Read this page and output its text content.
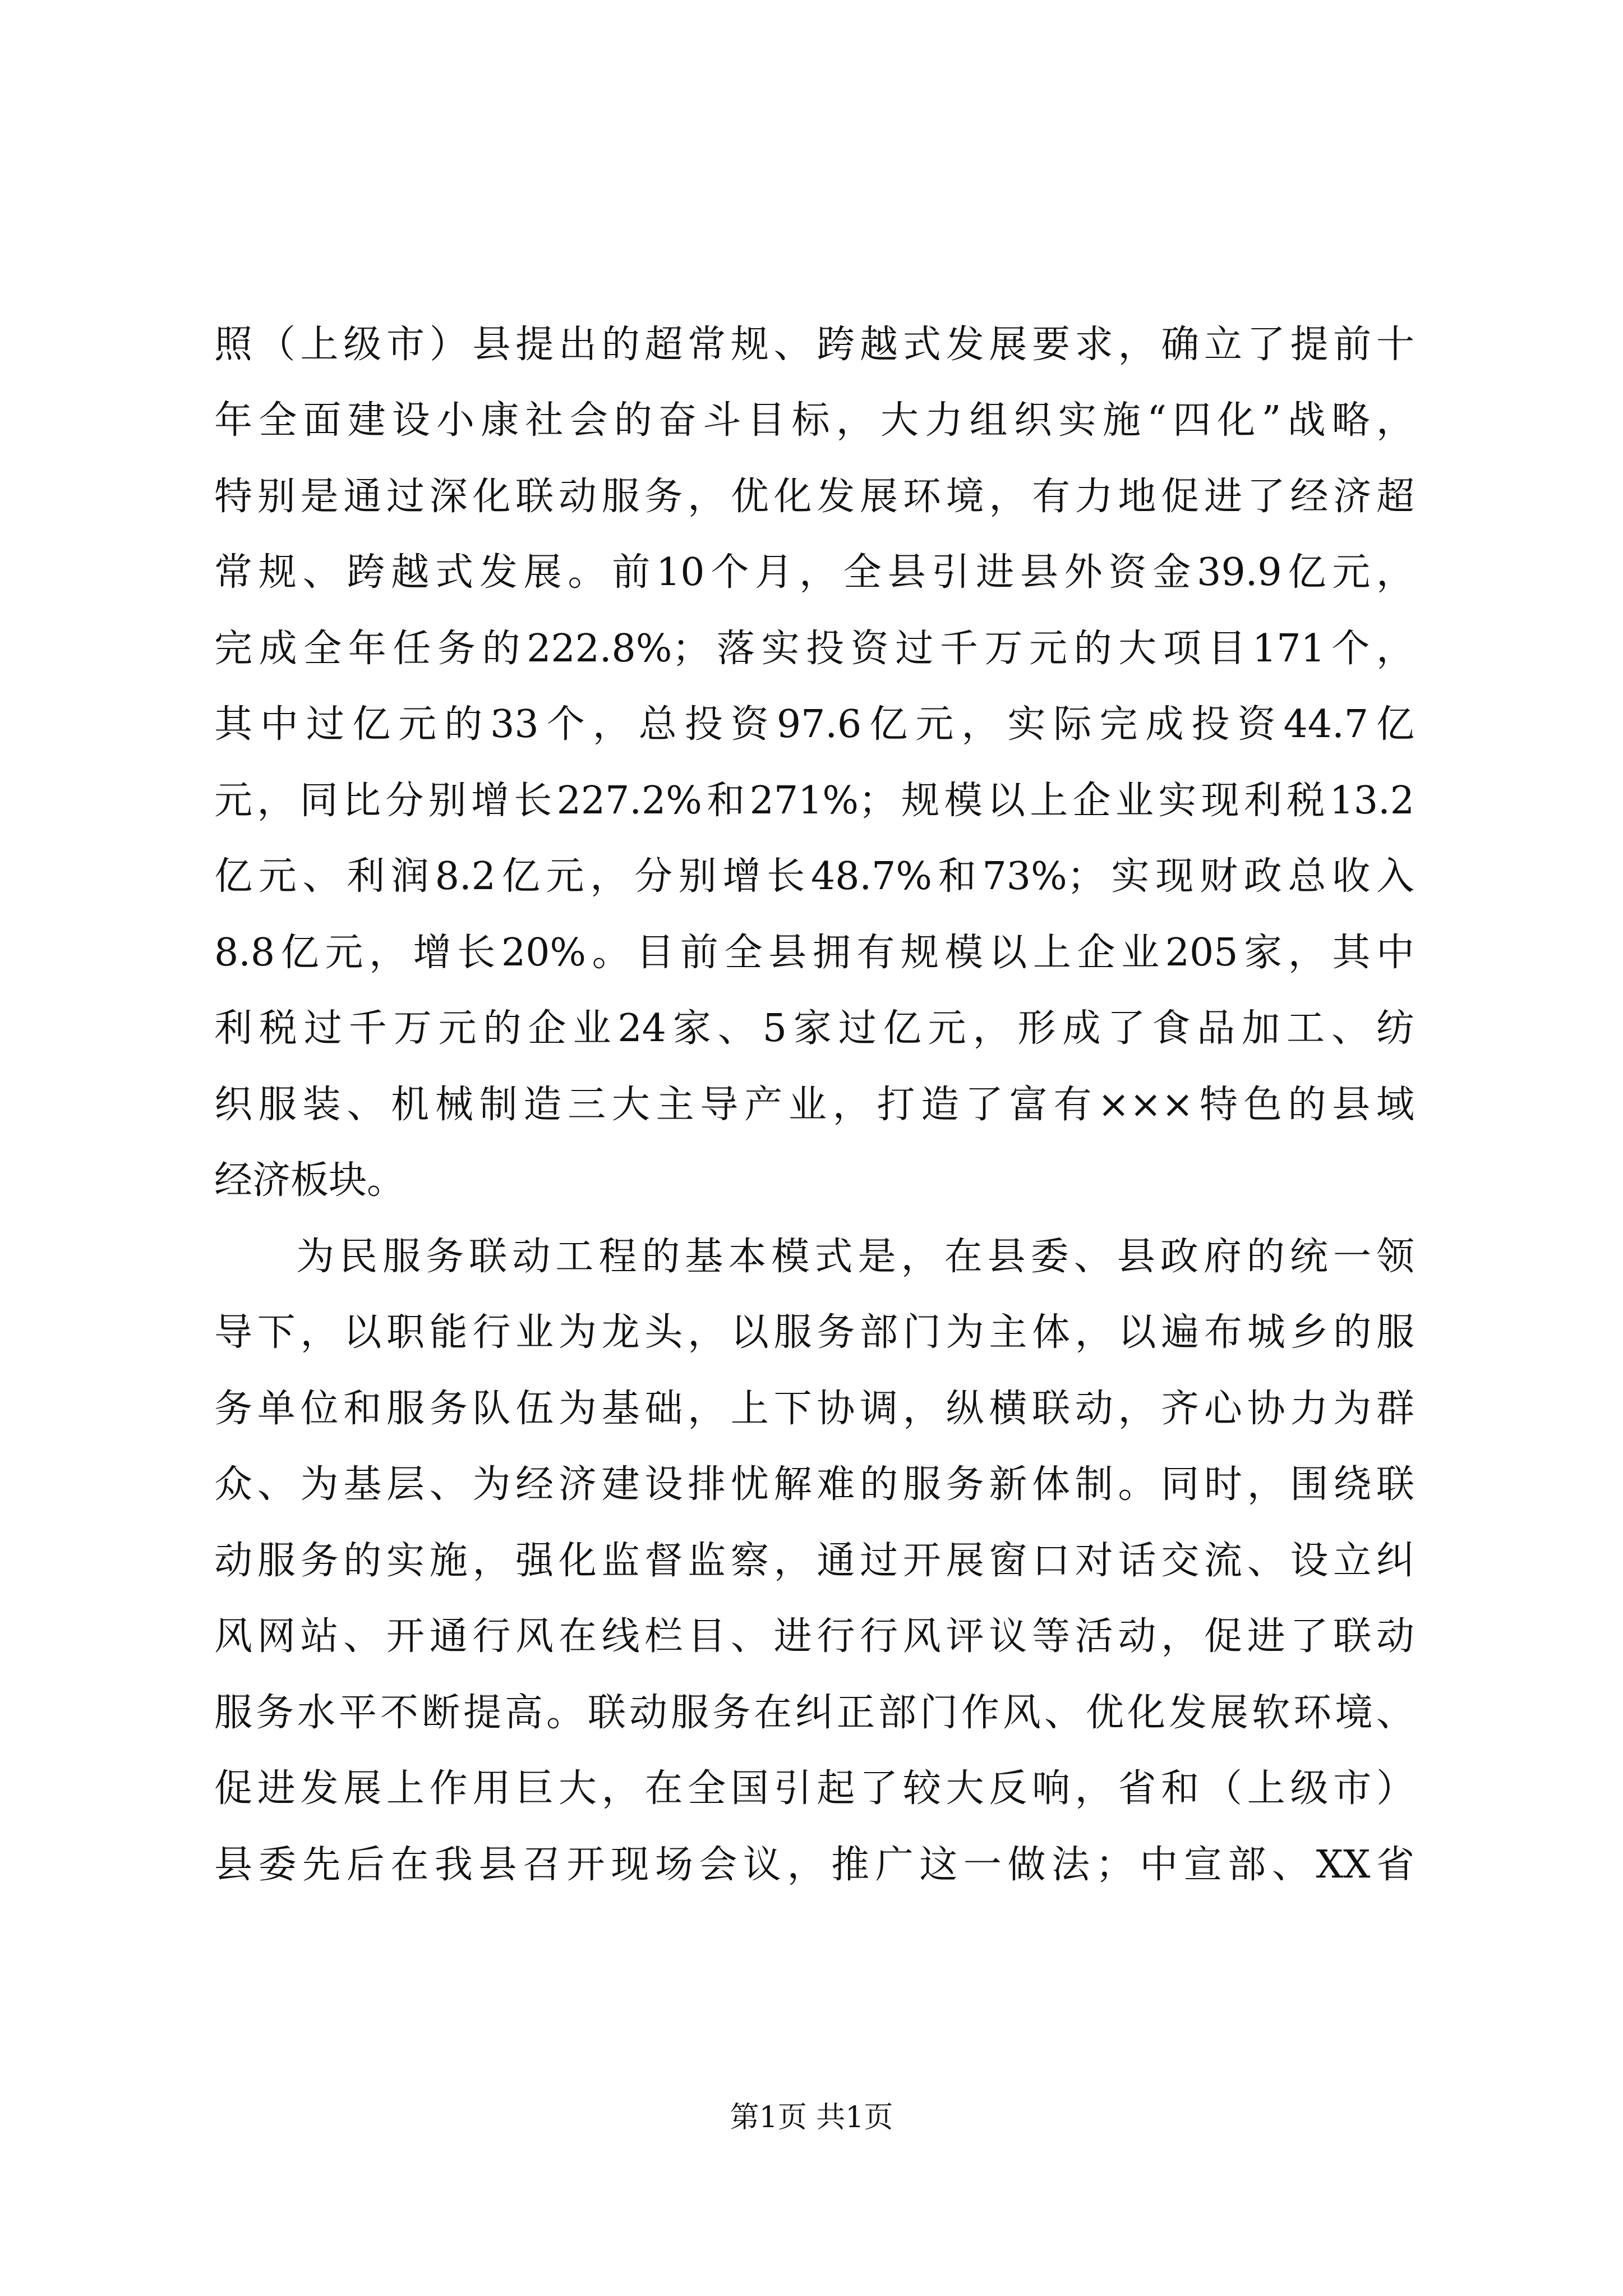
照（上级市）县提出的超常规、跨越式发展要求，确立了提前十
年全面建设小康社会的奋斗目标，大力组织实施“四化”战略，
特别是通过深化联动服务，优化发展环境，有力地促进了经济超
常规、跨越式发展。前10个月，全县引进县外资金39.9亿元，
完成全年任务的222.8%；落实投资过千万元的大项目171个，
其中过亿元的33个，总投资97.6亿元，实际完成投资44.7亿
元，同比分别增长227.2%和271%；规模以上企业实现利税13.2
亿元、利润8.2亿元，分别增长48.7%和73%；实现财政总收入
8.8亿元，增长20%。目前全县拥有规模以上企业205家，其中
利税过千万元的企业24家、5家过亿元，形成了食品加工、纺
织服装、机械制造三大主导产业，打造了富有×××特色的县域
经济板块。
为民服务联动工程的基本模式是，在县委、县政府的统一领
导下，以职能行业为龙头，以服务部门为主体，以遍布城乡的服
务单位和服务队伍为基础，上下协调，纵横联动，齐心协力为群
众、为基层、为经济建设排忧解难的服务新体制。同时，围绕联
动服务的实施，强化监督监察，通过开展窗口对话交流、设立纠
风网站、开通行风在线栏目、进行行风评议等活动，促进了联动
服务水平不断提高。联动服务在纠正部门作风、优化发展软环境、
促进发展上作用巨大，在全国引起了较大反响，省和（上级市）
县委先后在我县召开现场会议，推广这一做法；中宣部、XX省
第1页 共1页
